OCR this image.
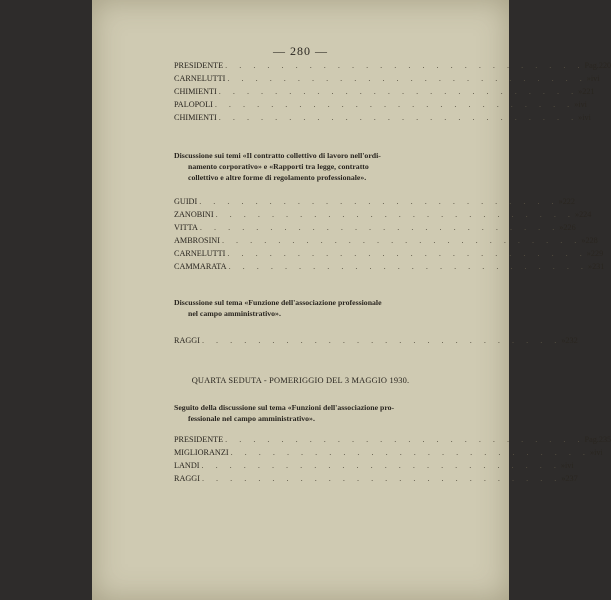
— 280 —
PRESIDENTE . . . . . . . . . . . . . . . . . . . . . . . . . . Pag. 220
CARNELUTTI . . . . . . . . . . . . . . . . . . . . . . . . . . » ivi
CHIMIENTI . . . . . . . . . . . . . . . . . . . . . . . . . . » 221
PALOPOLI . . . . . . . . . . . . . . . . . . . . . . . . . . » ivi
CHIMIENTI . . . . . . . . . . . . . . . . . . . . . . . . . . » ivi
Discussione sui temi «Il contratto collettivo di lavoro nell'ordi-

namento corporativo» e «Rapporti tra legge, contratto
collettivo e altre forme di regolamento professionale».
GUIDI . . . . . . . . . . . . . . . . . . . . . . . . . . » 222
ZANOBINI . . . . . . . . . . . . . . . . . . . . . . . . . . » 224
VITTA . . . . . . . . . . . . . . . . . . . . . . . . . . » 226
AMBROSINI . . . . . . . . . . . . . . . . . . . . . . . . . . » 228
CARNELUTTI . . . . . . . . . . . . . . . . . . . . . . . . . . » 229
CAMMARATA . . . . . . . . . . . . . . . . . . . . . . . . . . » 231
Discussione sul tema «Funzione dell'associazione professionale

nel campo amministrativo».
RAGGI . . . . . . . . . . . . . . . . . . . . . . . . . . » 232
QUARTA SEDUTA - POMERIGGIO DEL 3 MAGGIO 1930.
Seguito della discussione sul tema «Funzioni dell'associazione pro-

fessionale nel campo amministrativo».
PRESIDENTE . . . . . . . . . . . . . . . . . . . . . . . . . . Pag. 235
MIGLIORANZI . . . . . . . . . . . . . . . . . . . . . . . . . . » ivi
LANDI . . . . . . . . . . . . . . . . . . . . . . . . . . » ivi
RAGGI . . . . . . . . . . . . . . . . . . . . . . . . . . » 237
